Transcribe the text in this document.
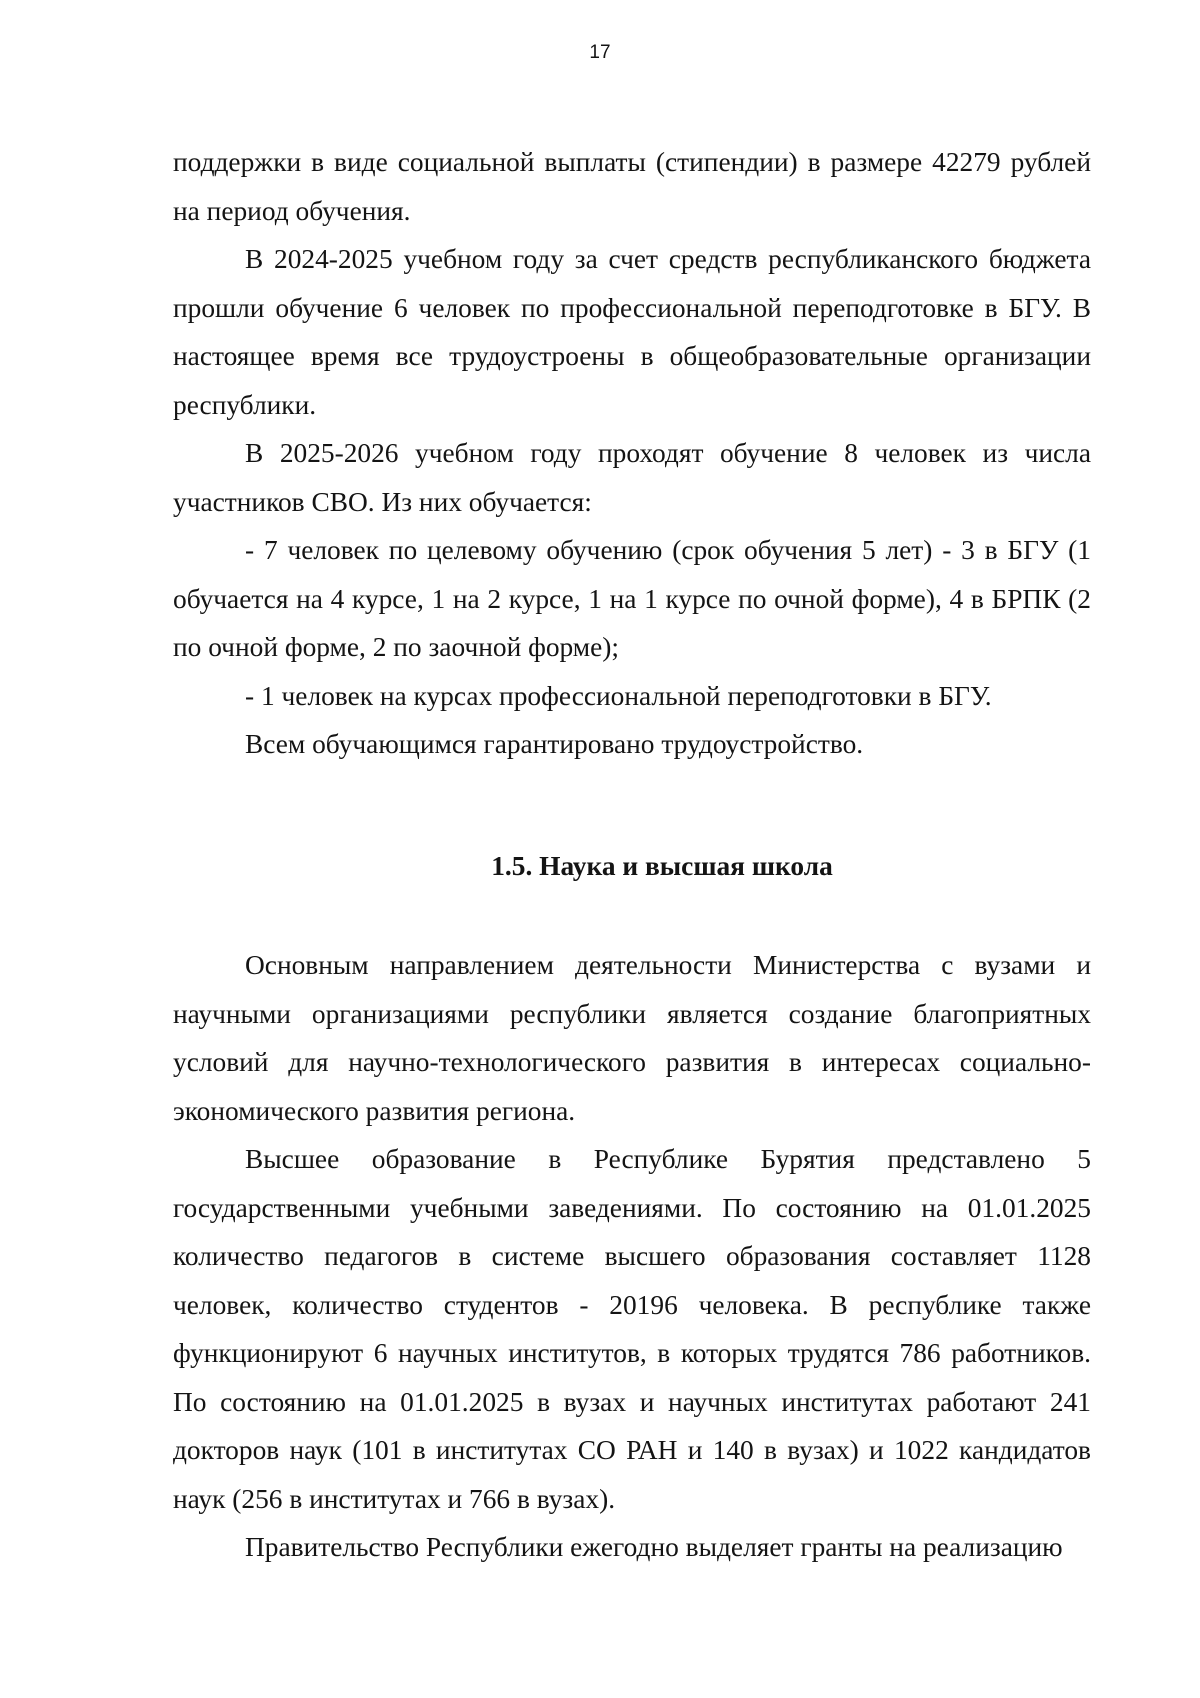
17

поддержки в виде социальной выплаты (стипендии) в размере 42279 рублей на период обучения.

В 2024-2025 учебном году за счет средств республиканского бюджета прошли обучение 6 человек по профессиональной переподготовке в БГУ. В настоящее время все трудоустроены в общеобразовательные организации республики.

В 2025-2026 учебном году проходят обучение 8 человек из числа участников СВО. Из них обучается:

- 7 человек по целевому обучению (срок обучения 5 лет) - 3 в БГУ (1 обучается на 4 курсе, 1 на 2 курсе, 1 на 1 курсе по очной форме), 4 в БРПК (2 по очной форме, 2 по заочной форме);

- 1 человек на курсах профессиональной переподготовки в БГУ.

Всем обучающимся гарантировано трудоустройство.

1.5. Наука и высшая школа

Основным направлением деятельности Министерства с вузами и научными организациями республики является создание благоприятных условий для научно-технологического развития в интересах социально-экономического развития региона.

Высшее образование в Республике Бурятия представлено 5 государственными учебными заведениями. По состоянию на 01.01.2025 количество педагогов в системе высшего образования составляет 1128 человек, количество студентов - 20196 человека. В республике также функционируют 6 научных институтов, в которых трудятся 786 работников. По состоянию на 01.01.2025 в вузах и научных институтах работают 241 докторов наук (101 в институтах СО РАН и 140 в вузах) и 1022 кандидатов наук (256 в институтах и 766 в вузах).

Правительство Республики ежегодно выделяет гранты на реализацию
